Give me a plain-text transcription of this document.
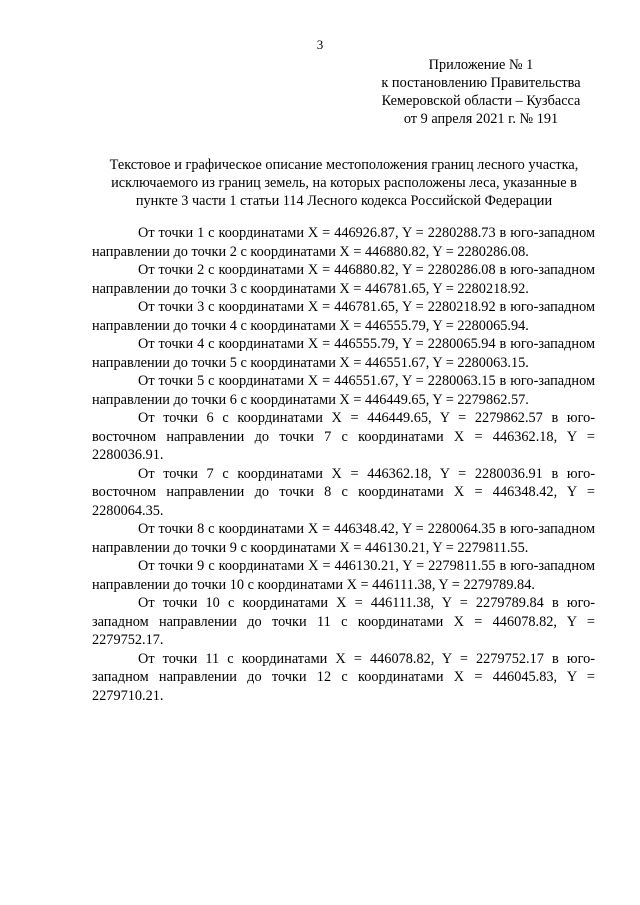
3
Приложение № 1
к постановлению Правительства
Кемеровской области – Кузбасса
от 9 апреля 2021 г. № 191
Текстовое и графическое описание местоположения границ лесного участка, исключаемого из границ земель, на которых расположены леса, указанные в пункте 3 части 1 статьи 114 Лесного кодекса Российской Федерации

От точки 1 с координатами X = 446926.87, Y = 2280288.73 в юго-западном направлении до точки 2 с координатами X = 446880.82, Y = 2280286.08.

От точки 2 с координатами X = 446880.82, Y = 2280286.08 в юго-западном направлении до точки 3 с координатами X = 446781.65, Y = 2280218.92.

От точки 3 с координатами X = 446781.65, Y = 2280218.92 в юго-западном направлении до точки 4 с координатами X = 446555.79, Y = 2280065.94.

От точки 4 с координатами X = 446555.79, Y = 2280065.94 в юго-западном направлении до точки 5 с координатами X = 446551.67, Y = 2280063.15.

От точки 5 с координатами X = 446551.67, Y = 2280063.15 в юго-западном направлении до точки 6 с координатами X = 446449.65, Y = 2279862.57.

От точки 6 с координатами X = 446449.65, Y = 2279862.57 в юго-восточном направлении до точки 7 с координатами X = 446362.18, Y = 2280036.91.

От точки 7 с координатами X = 446362.18, Y = 2280036.91 в юго-восточном направлении до точки 8 с координатами X = 446348.42, Y = 2280064.35.

От точки 8 с координатами X = 446348.42, Y = 2280064.35 в юго-западном направлении до точки 9 с координатами X = 446130.21, Y = 2279811.55.

От точки 9 с координатами X = 446130.21, Y = 2279811.55 в юго-западном направлении до точки 10 с координатами X = 446111.38, Y = 2279789.84.

От точки 10 с координатами X = 446111.38, Y = 2279789.84 в юго-западном направлении до точки 11 с координатами X = 446078.82, Y = 2279752.17.

От точки 11 с координатами X = 446078.82, Y = 2279752.17 в юго-западном направлении до точки 12 с координатами X = 446045.83, Y = 2279710.21.
